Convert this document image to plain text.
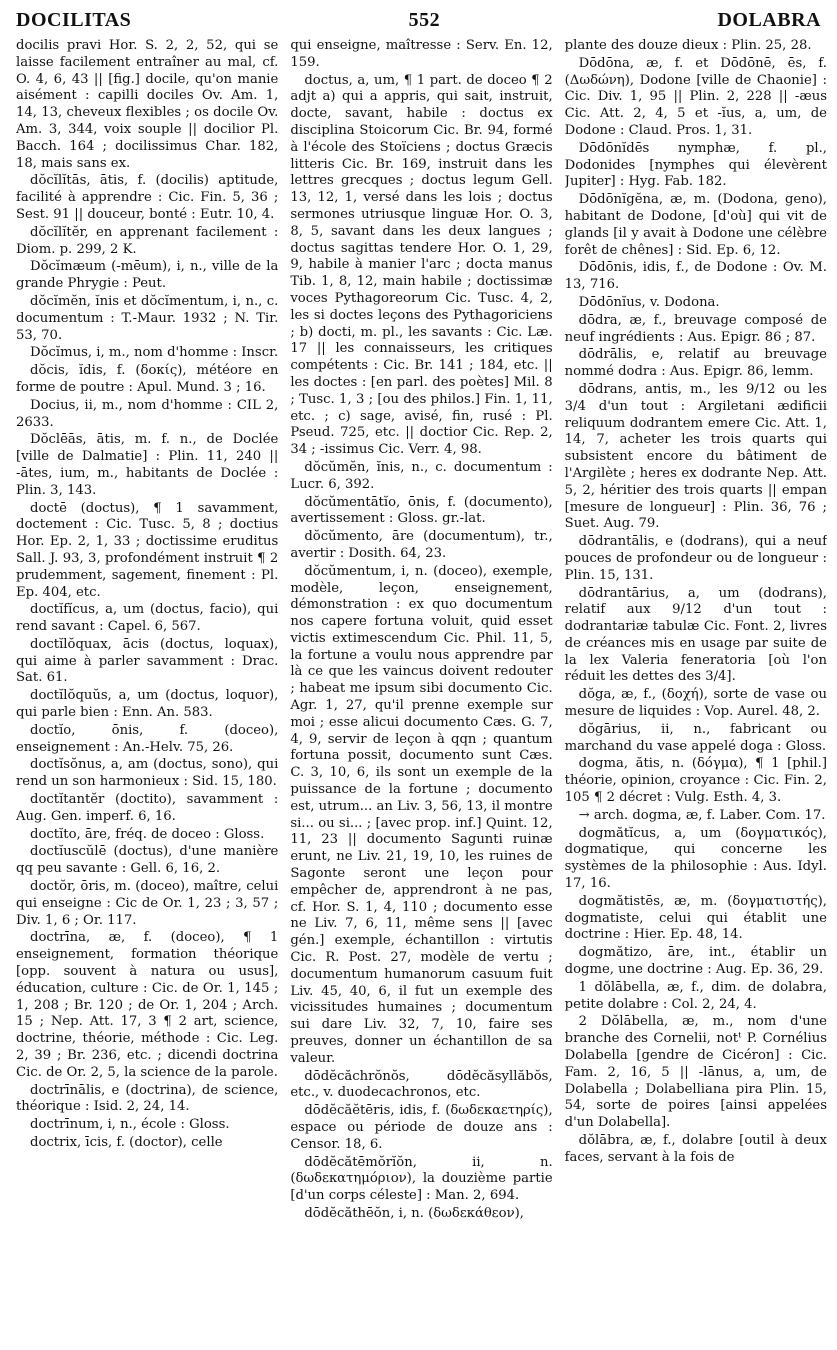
DOCILITAS	552	DOLABRA
docilis pravi Hor. S. 2, 2, 52, qui se laisse facilement entraîner au mal, cf. O. 4, 6, 43 || [fig.] docile, qu'on manie aisément : capilli dociles Ov. Am. 1, 14, 13, cheveux flexibles ; os docile Ov. Am. 3, 344, voix souple || docilior Pl. Bacch. 164 ; docilissimus Char. 182, 18, mais sans ex.
dŏcĭlĭtās, ātis, f. (docilis) aptitude, facilité à apprendre : Cic. Fin. 5, 36 ; Sest. 91 || douceur, bonté : Eutr. 10, 4.
dŏcĭlĭtĕr, en apprenant facilement : Diom. p. 299, 2 K.
Dŏcĭmæum (-mēum), i, n., ville de la grande Phrygie : Peut.
dŏcĭmĕn, ĭnis et dŏcĭmentum, i, n., c. documentum : T.-Maur. 1932 ; N. Tir. 53, 70.
Dŏcĭmus, i, m., nom d'homme : Inscr.
dŏcis, ĭdis, f. (δοκίς), météore en forme de poutre : Apul. Mund. 3 ; 16.
Docius, ii, m., nom d'homme : CIL 2, 2633.
Dŏclēās, ātis, m. f. n., de Doclée [ville de Dalmatie] : Plin. 11, 240 || -ātes, ium, m., habitants de Doclée : Plin. 3, 143.
doctē (doctus), ¶ 1 savamment, doctement : Cic. Tusc. 5, 8 ; doctius Hor. Ep. 2, 1, 33 ; doctissime eruditus Sall. J. 93, 3, profondément instruit ¶ 2 prudemment, sagement, finement : Pl. Ep. 404, etc.
doctĭfĭcus, a, um (doctus, facio), qui rend savant : Capel. 6, 567.
doctĭlŏquax, ācis (doctus, loquax), qui aime à parler savamment : Drac. Sat. 61.
doctĭlŏquŭs, a, um (doctus, loquor), qui parle bien : Enn. An. 583.
doctĭo, ōnis, f. (doceo), enseignement : An.-Helv. 75, 26.
doctĭsŏnus, a, am (doctus, sono), qui rend un son harmonieux : Sid. 15, 180.
doctĭtantĕr (doctito), savamment : Aug. Gen. imperf. 6, 16.
doctĭto, āre, fréq. de doceo : Gloss.
doctĭuscŭlē (doctus), d'une manière qq peu savante : Gell. 6, 16, 2.
doctŏr, ōris, m. (doceo), maître, celui qui enseigne : Cic de Or. 1, 23 ; 3, 57 ; Div. 1, 6 ; Or. 117.
doctrīna, æ, f. (doceo), ¶ 1 enseignement, formation théorique [opp. souvent à natura ou usus], éducation, culture : Cic. de Or. 1, 145 ; 1, 208 ; Br. 120 ; de Or. 1, 204 ; Arch. 15 ; Nep. Att. 17, 3 ¶ 2 art, science, doctrine, théorie, méthode : Cic. Leg. 2, 39 ; Br. 236, etc. ; dicendi doctrina Cic. de Or. 2, 5, la science de la parole.
doctrīnālis, e (doctrina), de science, théorique : Isid. 2, 24, 14.
doctrīnum, i, n., école : Gloss.
doctrix, īcis, f. (doctor), celle
qui enseigne, maîtresse : Serv. En. 12, 159.
doctus, a, um, ¶ 1 part. de doceo ¶ 2 adjt a) qui a appris, qui sait, instruit, docte, savant, habile : doctus ex disciplina Stoicorum Cic. Br. 94, formé à l'école des Stoïciens ; doctus Græcis litteris Cic. Br. 169, instruit dans les lettres grecques ; doctus legum Gell. 13, 12, 1, versé dans les lois ; doctus sermones utriusque linguæ Hor. O. 3, 8, 5, savant dans les deux langues ; doctus sagittas tendere Hor. O. 1, 29, 9, habile à manier l'arc ; docta manus Tib. 1, 8, 12, main habile ; doctissimæ voces Pythagoreorum Cic. Tusc. 4, 2, les si doctes leçons des Pythagoriciens ; b) docti, m. pl., les savants : Cic. Læ. 17 || les connaisseurs, les critiques compétents : Cic. Br. 141 ; 184, etc. || les doctes : [en parl. des poètes] Mil. 8 ; Tusc. 1, 3 ; [ou des philos.] Fin. 1, 11, etc. ; c) sage, avisé, fin, rusé : Pl. Pseud. 725, etc. || doctior Cic. Rep. 2, 34 ; -issimus Cic. Verr. 4, 98.
dŏcŭmĕn, ĭnis, n., c. documentum : Lucr. 6, 392.
dŏcŭmentātĭo, ōnis, f. (documento), avertissement : Gloss. gr.-lat.
dŏcŭmento, āre (documentum), tr., avertir : Dosith. 64, 23.
dŏcŭmentum, i, n. (doceo), exemple, modèle, leçon, enseignement, démonstration : ex quo documentum nos capere fortuna voluit, quid esset victis extimescendum Cic. Phil. 11, 5, la fortune a voulu nous apprendre par là ce que les vaincus doivent redouter ; habeat me ipsum sibi documento Cic. Agr. 1, 27, qu'il prenne exemple sur moi ; esse alicui documento Cæs. G. 7, 4, 9, servir de leçon à qqn ; quantum fortuna possit, documento sunt Cæs. C. 3, 10, 6, ils sont un exemple de la puissance de la fortune ; documento est, utrum... an Liv. 3, 56, 13, il montre si... ou si... ; [avec prop. inf.] Quint. 12, 11, 23 || documento Sagunti ruinæ erunt, ne Liv. 21, 19, 10, les ruines de Sagonte seront une leçon pour empêcher de, apprendront à ne pas, cf. Hor. S. 1, 4, 110 ; documento esse ne Liv. 7, 6, 11, même sens || [avec gén.] exemple, échantillon : virtutis Cic. R. Post. 27, modèle de vertu ; documentum humanorum casuum fuit Liv. 45, 40, 6, il fut un exemple des vicissitudes humaines ; documentum sui dare Liv. 32, 7, 10, faire ses preuves, donner un échantillon de sa valeur.
dōdĕcăchrŏnŏs, dōdĕcăsyllăbŏs, etc., v. duodecachronos, etc.
dōdĕcăĕtēris, idis, f. (δωδεκαετηρίς), espace ou période de douze ans : Censor. 18, 6.
dōdĕcătēmŏrĭŏn, ii, n. (δωδεκατημόριον), la douzième partie [d'un corps céleste] : Man. 2, 694.
dōdĕcăthēŏn, i, n. (δωδεκάθεον),
plante des douze dieux : Plin. 25, 28.
Dōdōna, æ, f. et Dōdōnē, ēs, f. (Δωδώνη), Dodone [ville de Chaonie] : Cic. Div. 1, 95 || Plin. 2, 228 || -æus Cic. Att. 2, 4, 5 et -ĭus, a, um, de Dodone : Claud. Pros. 1, 31.
Dōdōnĭdēs nymphæ, f. pl., Dodonides [nymphes qui élevèrent Jupiter] : Hyg. Fab. 182.
Dōdōnĭgĕna, æ, m. (Dodona, geno), habitant de Dodone, [d'où] qui vit de glands [il y avait à Dodone une célèbre forêt de chênes] : Sid. Ep. 6, 12.
Dōdōnis, idis, f., de Dodone : Ov. M. 13, 716.
Dōdōnĭus, v. Dodona.
dōdra, æ, f., breuvage composé de neuf ingrédients : Aus. Epigr. 86 ; 87.
dōdrālis, e, relatif au breuvage nommé dodra : Aus. Epigr. 86, lemm.
dōdrans, antis, m., les 9/12 ou les 3/4 d'un tout : Argiletani ædificii reliquum dodrantem emere Cic. Att. 1, 14, 7, acheter les trois quarts qui subsistent encore du bâtiment de l'Argilète ; heres ex dodrante Nep. Att. 5, 2, héritier des trois quarts || empan [mesure de longueur] : Plin. 36, 76 ; Suet. Aug. 79.
dōdrantālis, e (dodrans), qui a neuf pouces de profondeur ou de longueur : Plin. 15, 131.
dōdrantārius, a, um (dodrans), relatif aux 9/12 d'un tout : dodrantariæ tabulæ Cic. Font. 2, livres de créances mis en usage par suite de la lex Valeria feneratoria [où l'on réduit les dettes des 3/4].
dŏga, æ, f., (δοχή), sorte de vase ou mesure de liquides : Vop. Aurel. 48, 2.
dŏgārius, ii, n., fabricant ou marchand du vase appelé doga : Gloss.
dogma, ătis, n. (δόγμα), ¶ 1 [phil.] théorie, opinion, croyance : Cic. Fin. 2, 105 ¶ 2 décret : Vulg. Esth. 4, 3.
→ arch. dogma, æ, f. Laber. Com. 17.
dogmătĭcus, a, um (δογματικός), dogmatique, qui concerne les systèmes de la philosophie : Aus. Idyl. 17, 16.
dogmătistēs, æ, m. (δογματιστής), dogmatiste, celui qui établit une doctrine : Hier. Ep. 48, 14.
dogmătizo, āre, int., établir un dogme, une doctrine : Aug. Ep. 36, 29.
1 dŏlābella, æ, f., dim. de dolabra, petite dolabre : Col. 2, 24, 4.
2 Dŏlābella, æ, m., nom d'une branche des Cornelii, notᵗ P. Cornélius Dolabella [gendre de Cicéron] : Cic. Fam. 2, 16, 5 || -lānus, a, um, de Dolabella ; Dolabelliana pira Plin. 15, 54, sorte de poires [ainsi appelées d'un Dolabella].
dŏlābra, æ, f., dolabre [outil à deux faces, servant à la fois de
